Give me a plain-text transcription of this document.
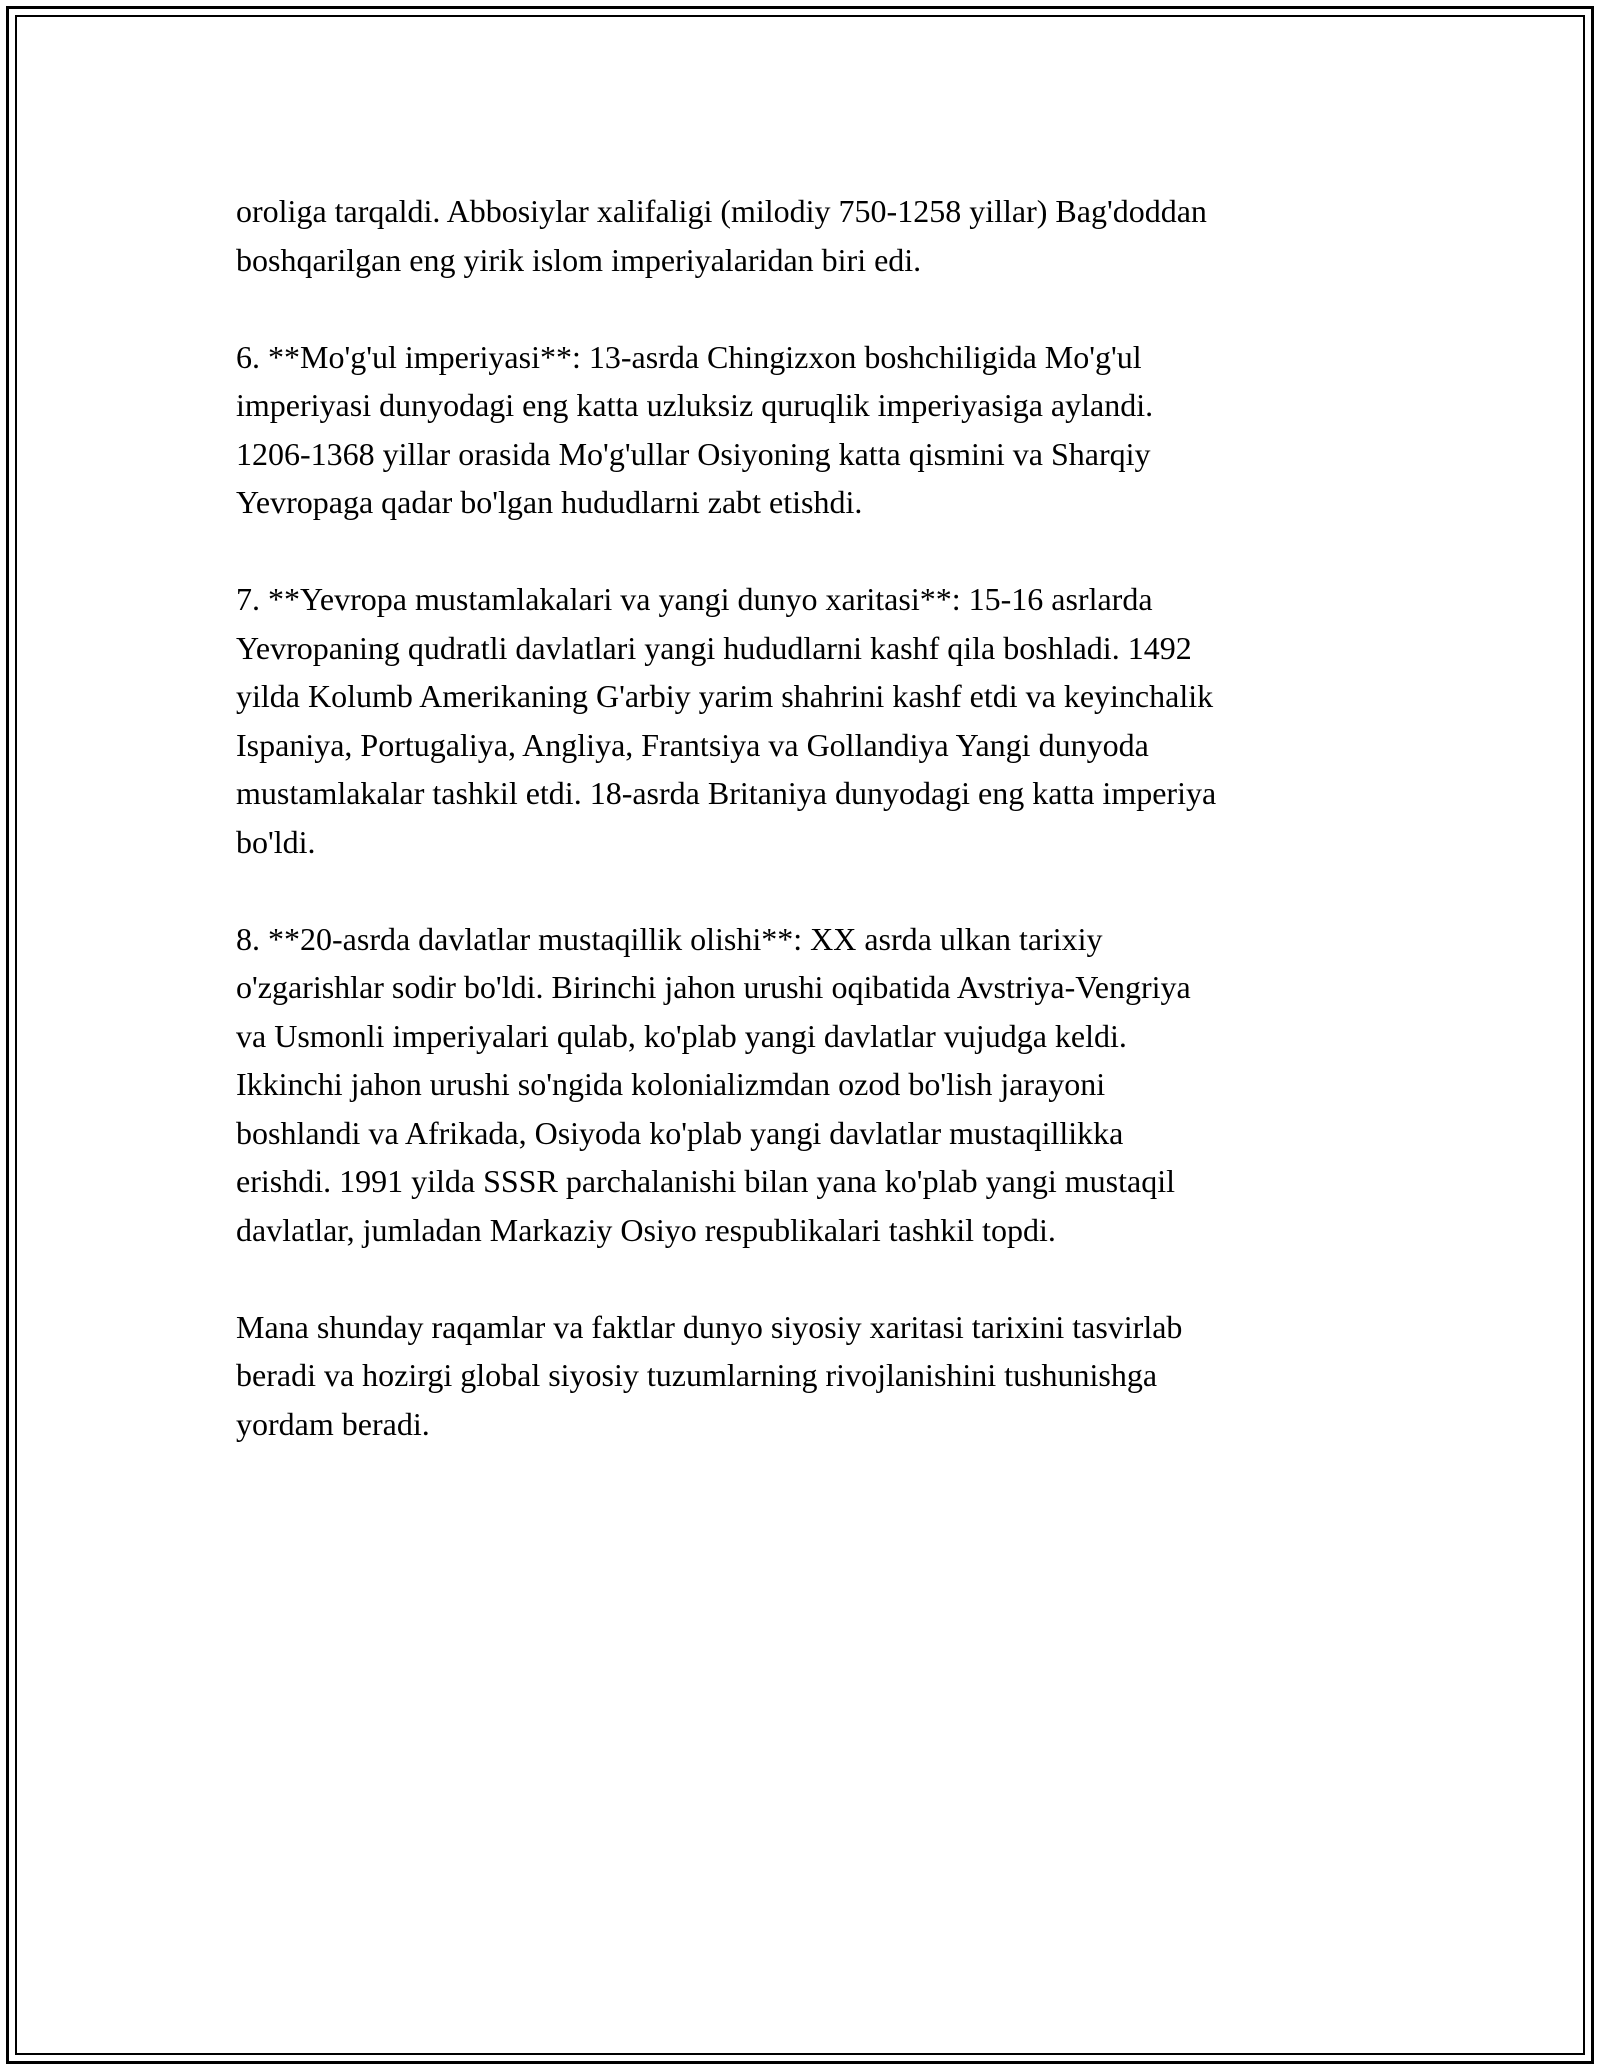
oroliga tarqaldi. Abbosiylar xalifaligi (milodiy 750-1258 yillar) Bag'doddan
boshqarilgan eng yirik islom imperiyalaridan biri edi.

6. **Mo'g'ul imperiyasi**: 13-asrda Chingizxon boshchiligida Mo'g'ul
imperiyasi dunyodagi eng katta uzluksiz quruqlik imperiyasiga aylandi.
1206-1368 yillar orasida Mo'g'ullar Osiyoning katta qismini va Sharqiy
Yevropaga qadar bo'lgan hududlarni zabt etishdi.

7. **Yevropa mustamlakalari va yangi dunyo xaritasi**: 15-16 asrlarda
Yevropaning qudratli davlatlari yangi hududlarni kashf qila boshladi. 1492
yilda Kolumb Amerikaning G'arbiy yarim shahrini kashf etdi va keyinchalik
Ispaniya, Portugaliya, Angliya, Frantsiya va Gollandiya Yangi dunyoda
mustamlakalar tashkil etdi. 18-asrda Britaniya dunyodagi eng katta imperiya
bo'ldi.

8. **20-asrda davlatlar mustaqillik olishi**: XX asrda ulkan tarixiy
o'zgarishlar sodir bo'ldi. Birinchi jahon urushi oqibatida Avstriya-Vengriya
va Usmonli imperiyalari qulab, ko'plab yangi davlatlar vujudga keldi.
Ikkinchi jahon urushi so'ngida kolonializmdan ozod bo'lish jarayoni
boshlandi va Afrikada, Osiyoda ko'plab yangi davlatlar mustaqillikka
erishdi. 1991 yilda SSSR parchalanishi bilan yana ko'plab yangi mustaqil
davlatlar, jumladan Markaziy Osiyo respublikalari tashkil topdi.

Mana shunday raqamlar va faktlar dunyo siyosiy xaritasi tarixini tasvirlab
beradi va hozirgi global siyosiy tuzumlarning rivojlanishini tushunishga
yordam beradi.
